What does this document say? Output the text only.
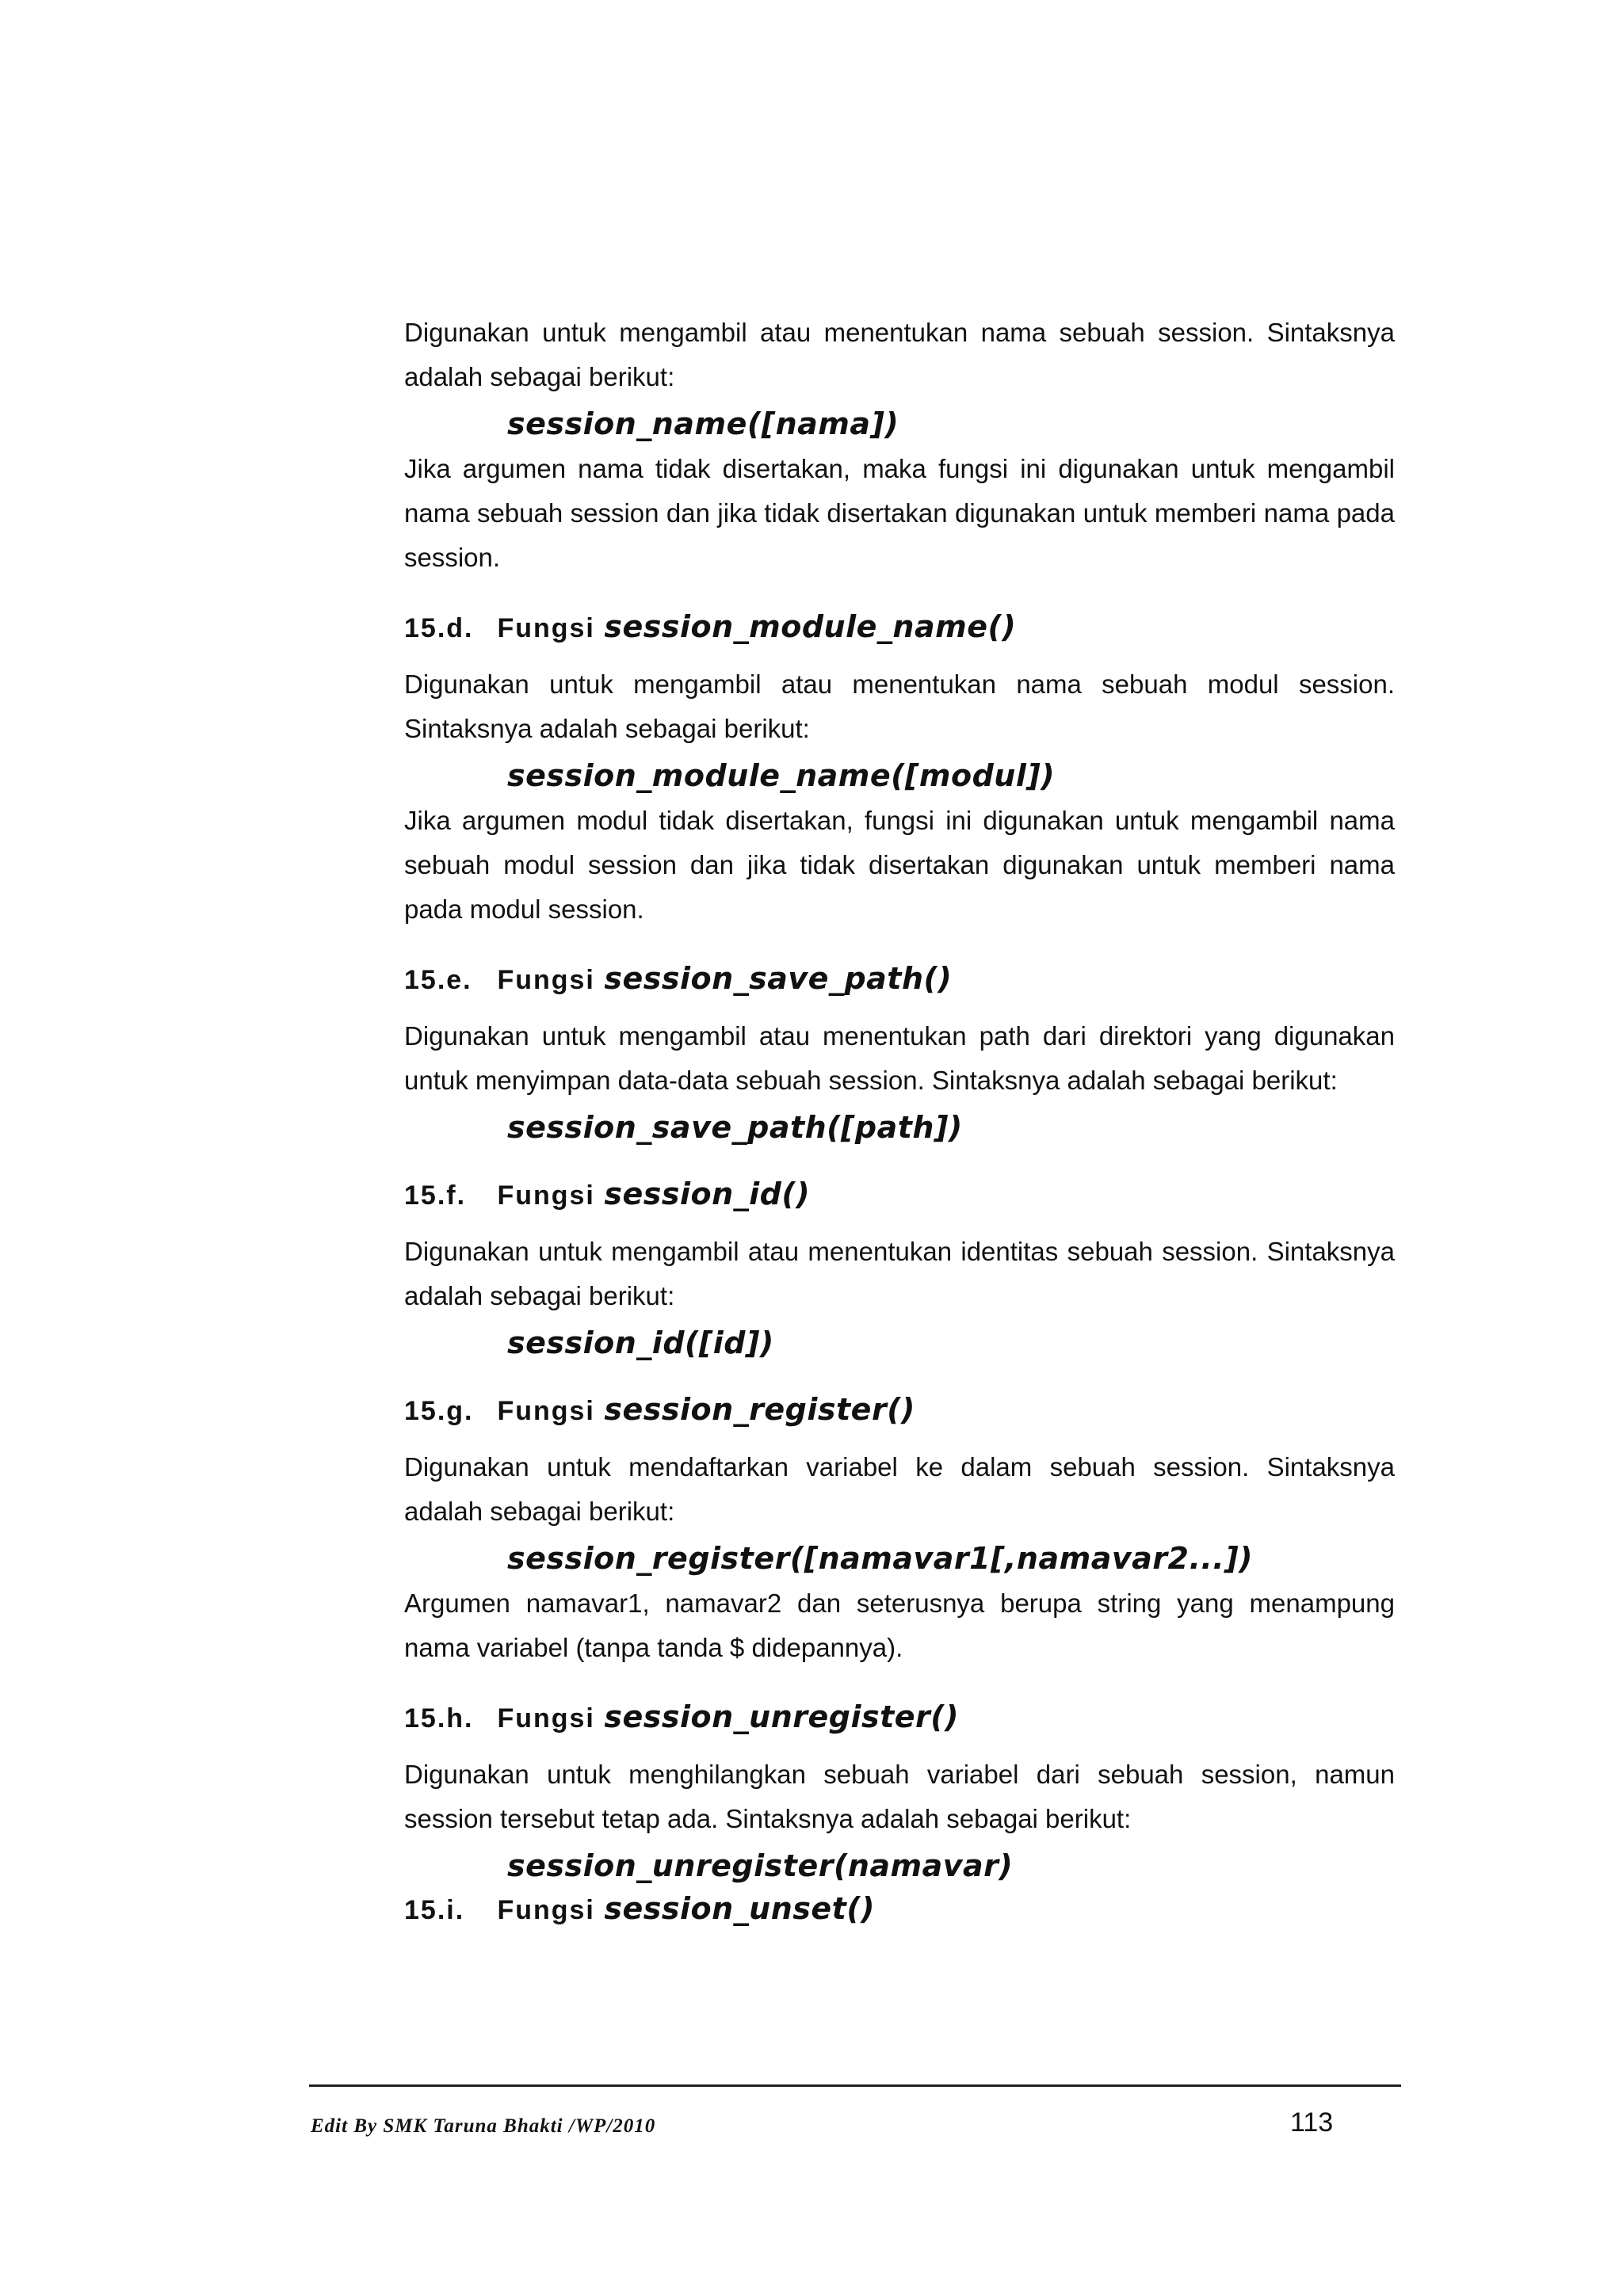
Digunakan untuk mengambil atau menentukan nama sebuah session. Sintaksnya adalah sebagai berikut:

session_name([nama])

Jika argumen nama tidak disertakan, maka fungsi ini digunakan untuk mengambil nama sebuah session dan jika tidak disertakan digunakan untuk memberi nama pada session.

15.d. Fungsi session_module_name()

Digunakan untuk mengambil atau menentukan nama sebuah modul session. Sintaksnya adalah sebagai berikut:

session_module_name([modul])

Jika argumen modul tidak disertakan, fungsi ini digunakan untuk mengambil nama sebuah modul session dan jika tidak disertakan digunakan untuk memberi nama pada modul session.

15.e. Fungsi session_save_path()

Digunakan untuk mengambil atau menentukan path dari direktori yang digunakan untuk menyimpan data-data sebuah session. Sintaksnya adalah sebagai berikut:

session_save_path([path])

15.f. Fungsi session_id()

Digunakan untuk mengambil atau menentukan identitas sebuah session. Sintaksnya adalah sebagai berikut:

session_id([id])

15.g. Fungsi session_register()

Digunakan untuk mendaftarkan variabel ke dalam sebuah session. Sintaksnya adalah sebagai berikut:

session_register([namavar1[,namavar2...])

Argumen namavar1, namavar2 dan seterusnya berupa string yang menampung nama variabel (tanpa tanda $ didepannya).

15.h. Fungsi session_unregister()

Digunakan untuk menghilangkan sebuah variabel dari sebuah session, namun session tersebut tetap ada. Sintaksnya adalah sebagai berikut:

session_unregister(namavar)

15.i. Fungsi session_unset()

Edit By SMK Taruna Bhakti /WP/2010	113
